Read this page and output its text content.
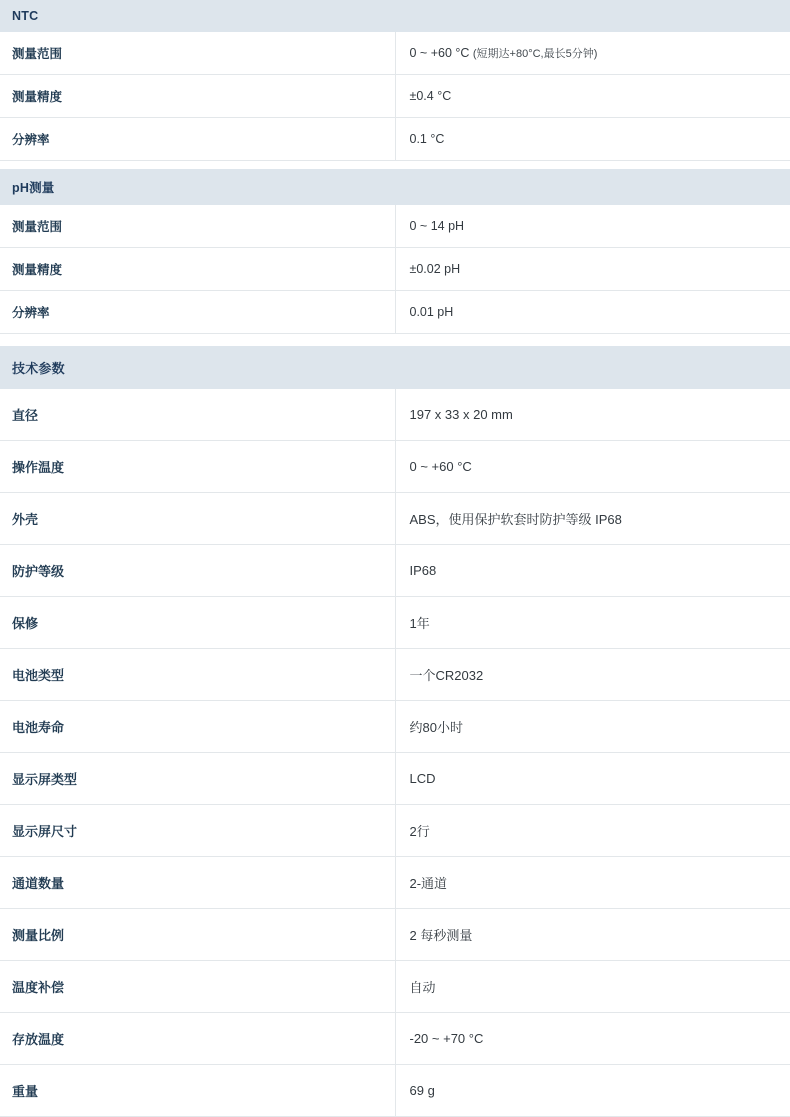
NTC	
测量范围	0 ~ +60 °C (短期达+80°C,最长5分钟)
测量精度	±0.4 °C
分辨率	0.1 °C

pH测量	
测量范围	0 ~ 14 pH
测量精度	±0.02 pH
分辨率	0.01 pH

技术参数	
直径	197 x 33 x 20 mm
操作温度	0 ~ +60 °C
外壳	ABS，使用保护软套时防护等级 IP68
防护等级	IP68
保修	1年
电池类型	一个CR2032
电池寿命	约80小时
显示屏类型	LCD
显示屏尺寸	2行
通道数量	2-通道
测量比例	2 每秒测量
温度补偿	自动
存放温度	-20 ~ +70 °C
重量	69 g
